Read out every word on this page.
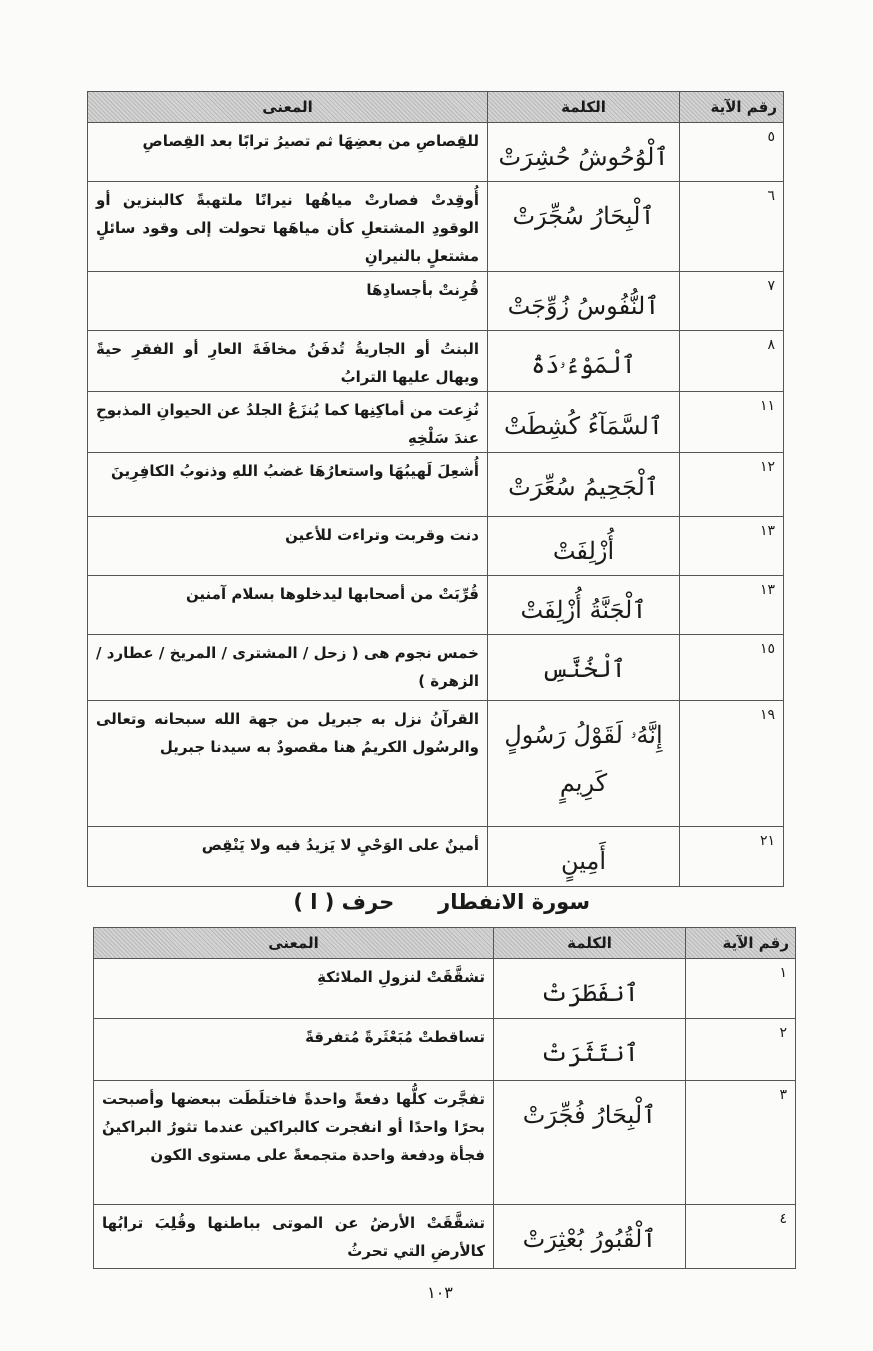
رقم الآية	الكلمة	المعنى
٥	ٱلْوُحُوشُ حُشِرَتْ	للقِصاصِ من بعضِهَا ثم تصيرُ ترابًا بعد القِصاصِ
٦	ٱلْبِحَارُ سُجِّرَتْ	أُوقِدتْ فصارتْ مياهُها نيرانًا ملتهبةً كالبنزين أو الوقودِ المشتعلِ كأن مياهَها تحولت إلى وقود سائلٍ مشتعلٍ بالنيرانِ
٧	ٱلنُّفُوسُ زُوِّجَتْ	قُرِنتْ بأجسادِهَا
٨	ٱلْمَوْءُۥدَةُ	البنتُ أو الجاريةُ تُدفَنُ مخافَةَ العارِ أو الفقرِ حيةً ويهال عليها الترابُ
١١	ٱلسَّمَآءُ كُشِطَتْ	نُزِعت من أماكِنِها كما يُنزَعُ الجلدُ عن الحيوانِ المذبوحِ عندَ سَلْخِهِ
١٢	ٱلْجَحِيمُ سُعِّرَتْ	أُشعِلَ لَهيبُهَا واستعارُهَا غضبُ اللهِ وذنوبُ الكافِرِينَ
١٣	أُزْلِفَتْ	دنت وقربت وتراءت للأعين
١٣	ٱلْجَنَّةُ أُزْلِفَتْ	قُرِّبَتْ من أصحابها ليدخلوها بسلام آمنين
١٥	ٱلْخُنَّسِ	خمس نجوم هى ( زحل / المشترى / المريخ / عطارد / الزهرة )
١٩	إِنَّهُۥ لَقَوْلُ رَسُولٍ كَرِيمٍ	القرآنُ نزل به جبريل من جهة الله سبحانه وتعالى والرسُول الكريمُ هنا مقصودٌ به سيدنا جبريل
٢١	أَمِينٍ	أمينٌ على الوَحْيِ لا يَزيدُ فيه ولا يَنْقِص
سورة الانفطار      حرف ( ا )
رقم الآية	الكلمة	المعنى
١	ٱنفَطَرَتْ	تشقَّقَتْ لنزولِ الملائكةِ
٢	ٱنتَثَرَتْ	تساقطتْ مُبَعْثَرةً مُتفرقةً
٣	ٱلْبِحَارُ فُجِّرَتْ	تفجَّرت كلُّها دفعةً واحدةً فاختلَطَت ببعضها وأصبحت بحرًا واحدًا أو انفجرت كالبراكين عندما تثورُ البراكينُ فجأة ودفعة واحدة متجمعةً على مستوى الكون
٤	ٱلْقُبُورُ بُعْثِرَتْ	تشقَّقَتْ الأرضُ عن الموتى بباطنها وقُلِبَ ترابُها كالأرضِ التي تحرثُ
١٠٣
